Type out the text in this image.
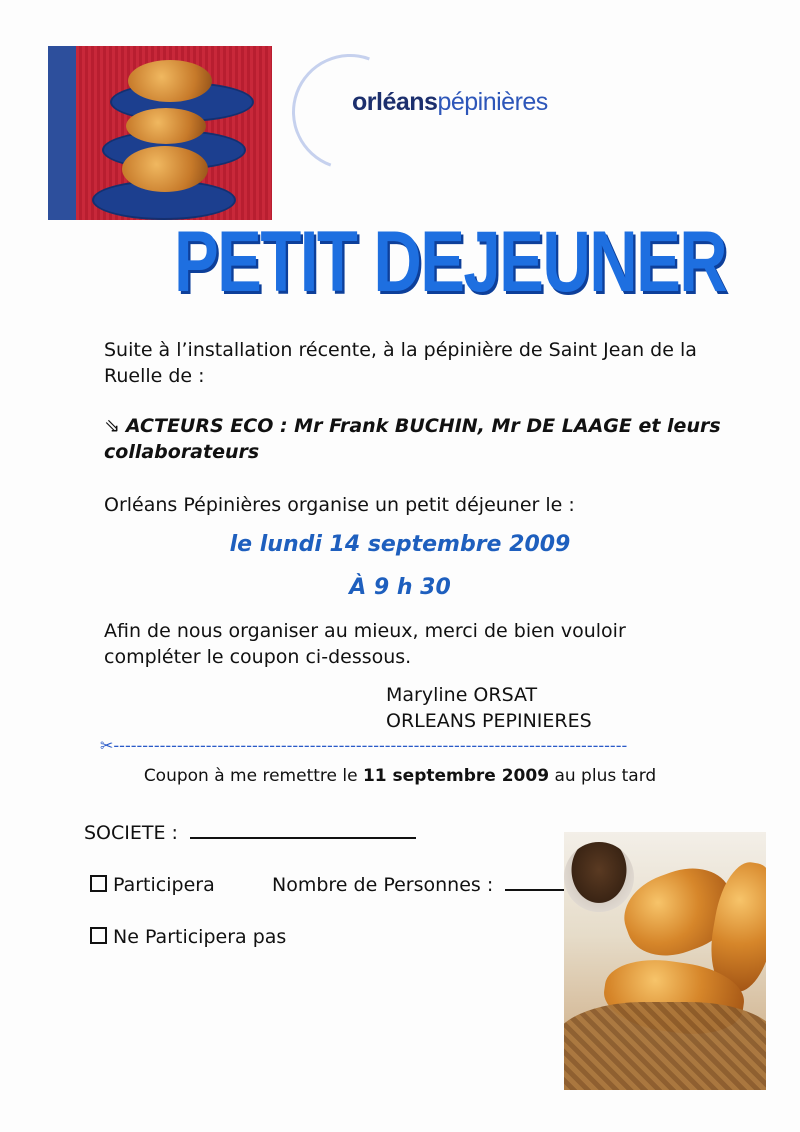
orléanspépinières
PETIT DEJEUNER
Suite à l’installation récente, à la pépinière de Saint Jean de la Ruelle de :
⇘ ACTEURS ECO : Mr Frank BUCHIN, Mr DE LAAGE et leurs collaborateurs
Orléans Pépinières organise un petit déjeuner le :
le lundi 14 septembre 2009
À 9 h 30
Afin de nous organiser au mieux, merci de bien vouloir compléter le coupon ci-dessous.
Maryline ORSAT
ORLEANS PEPINIERES
✂-----------------------------------------------------------------------------------------
Coupon à me remettre le 11 septembre 2009 au plus tard
SOCIETE :
Participera	Nombre de Personnes :
Ne Participera pas
